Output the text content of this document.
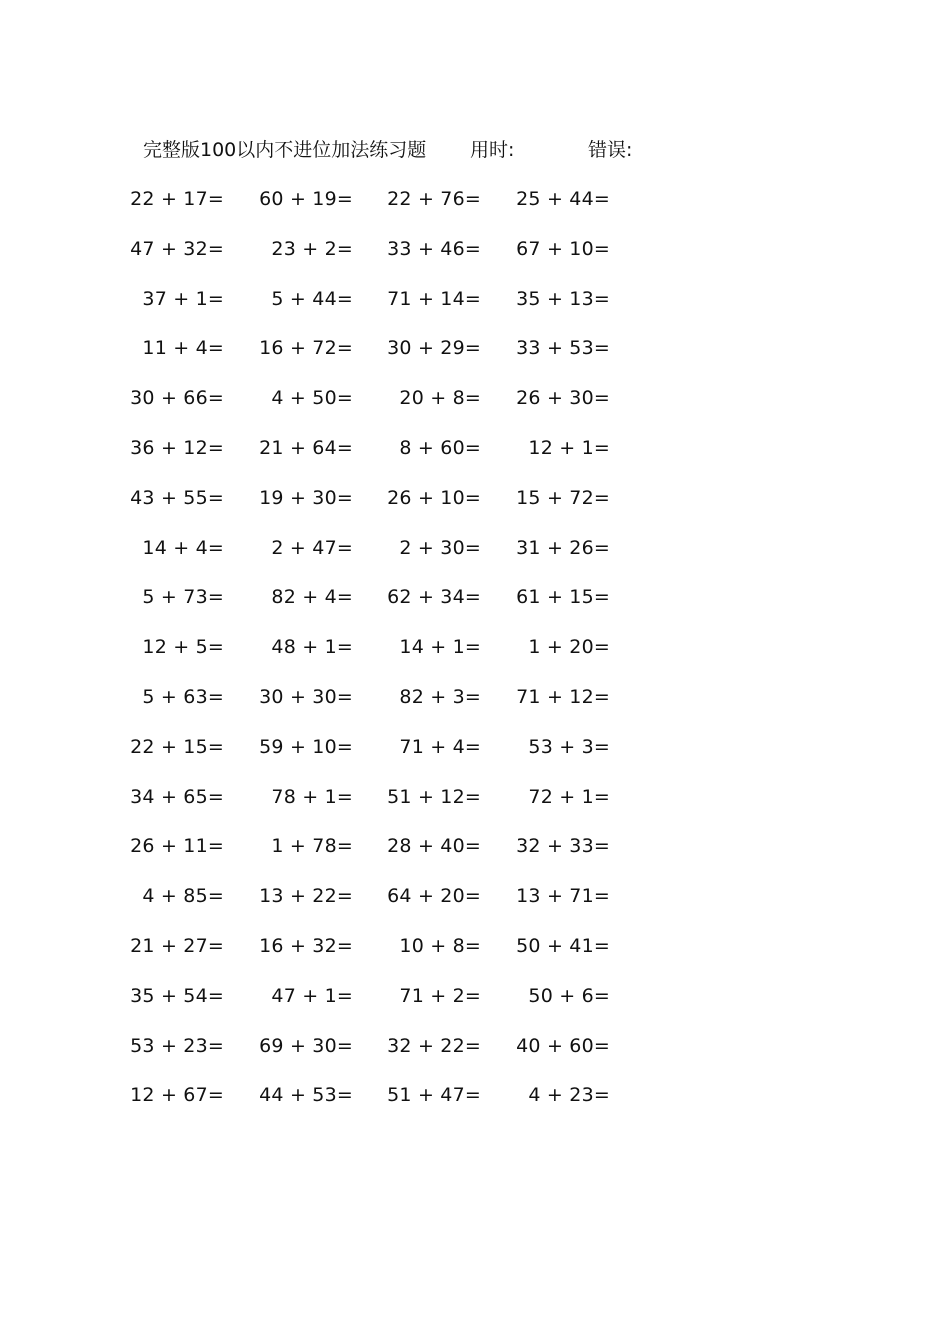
完整版100以内不进位加法练习题 用时:	错误:
22 + 17= 60 + 19= 22 + 76= 25 + 44=
47 + 32= 23 + 2= 33 + 46= 67 + 10=
37 + 1= 5 + 44= 71 + 14= 35 + 13=
11 + 4= 16 + 72= 30 + 29= 33 + 53=
30 + 66= 4 + 50= 20 + 8= 26 + 30=
36 + 12= 21 + 64= 8 + 60= 12 + 1=
43 + 55= 19 + 30= 26 + 10= 15 + 72=
14 + 4= 2 + 47= 2 + 30= 31 + 26=
5 + 73= 82 + 4= 62 + 34= 61 + 15=
12 + 5= 48 + 1= 14 + 1= 1 + 20=
5 + 63= 30 + 30= 82 + 3= 71 + 12=
22 + 15= 59 + 10= 71 + 4= 53 + 3=
34 + 65= 78 + 1= 51 + 12= 72 + 1=
26 + 11= 1 + 78= 28 + 40= 32 + 33=
4 + 85= 13 + 22= 64 + 20= 13 + 71=
21 + 27= 16 + 32= 10 + 8= 50 + 41=
35 + 54= 47 + 1= 71 + 2= 50 + 6=
53 + 23= 69 + 30= 32 + 22= 40 + 60=
12 + 67= 44 + 53= 51 + 47= 4 + 23=
